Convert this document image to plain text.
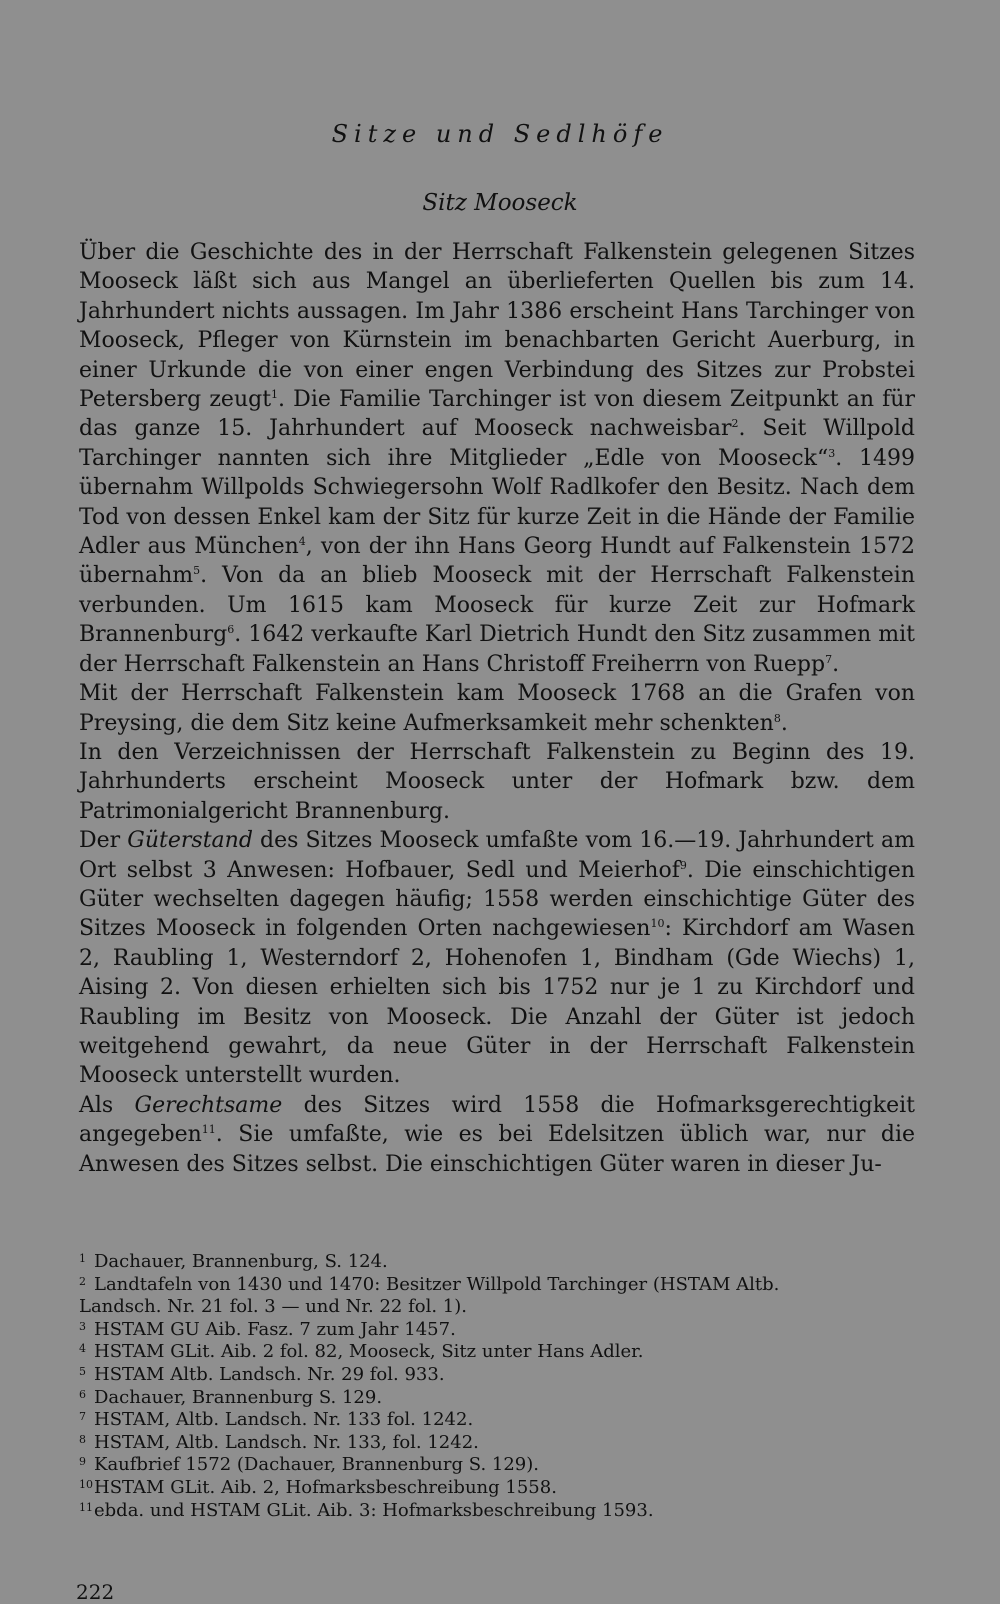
Sitze und Sedlhöfe
Sitz Mooseck

Über die Geschichte des in der Herrschaft Falkenstein gelegenen Sitzes Mooseck läßt sich aus Mangel an überlieferten Quellen bis zum 14. Jahrhundert nichts aussagen. Im Jahr 1386 erscheint Hans Tarchinger von Mooseck, Pfleger von Kürnstein im benachbarten Gericht Auerburg, in einer Urkunde die von einer engen Verbindung des Sitzes zur Probstei Petersberg zeugt$^1$. Die Familie Tarchinger ist von diesem Zeitpunkt an für das ganze 15. Jahrhundert auf Mooseck nachweisbar$^2$. Seit Willpold Tarchinger nannten sich ihre Mitglieder „Edle von Mooseck“$^3$. 1499 übernahm Willpolds Schwiegersohn Wolf Radlkofer den Besitz. Nach dem Tod von dessen Enkel kam der Sitz für kurze Zeit in die Hände der Familie Adler aus München$^4$, von der ihn Hans Georg Hundt auf Falkenstein 1572 übernahm$^5$. Von da an blieb Mooseck mit der Herrschaft Falkenstein verbunden. Um 1615 kam Mooseck für kurze Zeit zur Hofmark Brannenburg$^6$. 1642 verkaufte Karl Dietrich Hundt den Sitz zusammen mit der Herrschaft Falkenstein an Hans Christoff Freiherrn von Ruepp$^7$.

Mit der Herrschaft Falkenstein kam Mooseck 1768 an die Grafen von Preysing, die dem Sitz keine Aufmerksamkeit mehr schenkten$^8$.

In den Verzeichnissen der Herrschaft Falkenstein zu Beginn des 19. Jahrhunderts erscheint Mooseck unter der Hofmark bzw. dem Patrimonialgericht Brannenburg.

Der Güterstand des Sitzes Mooseck umfaßte vom 16.—19. Jahrhundert am Ort selbst 3 Anwesen: Hofbauer, Sedl und Meierhof$^9$. Die einschichtigen Güter wechselten dagegen häufig; 1558 werden einschichtige Güter des Sitzes Mooseck in folgenden Orten nachgewiesen$^{10}$: Kirchdorf am Wasen 2, Raubling 1, Westerndorf 2, Hohenofen 1, Bindham (Gde Wiechs) 1, Aising 2. Von diesen erhielten sich bis 1752 nur je 1 zu Kirchdorf und Raubling im Besitz von Mooseck. Die Anzahl der Güter ist jedoch weitgehend gewahrt, da neue Güter in der Herrschaft Falkenstein Mooseck unterstellt wurden.

Als Gerechtsame des Sitzes wird 1558 die Hofmarksgerechtigkeit angegeben$^{11}$. Sie umfaßte, wie es bei Edelsitzen üblich war, nur die Anwesen des Sitzes selbst. Die einschichtigen Güter waren in dieser Ju-

1 Dachauer, Brannenburg, S. 124.
2 Landtafeln von 1430 und 1470: Besitzer Willpold Tarchinger (HSTAM Altb.
Landsch. Nr. 21 fol. 3 — und Nr. 22 fol. 1).
3 HSTAM GU Aib. Fasz. 7 zum Jahr 1457.
4 HSTAM GLit. Aib. 2 fol. 82, Mooseck, Sitz unter Hans Adler.
5 HSTAM Altb. Landsch. Nr. 29 fol. 933.
6 Dachauer, Brannenburg S. 129.
7 HSTAM, Altb. Landsch. Nr. 133 fol. 1242.
8 HSTAM, Altb. Landsch. Nr. 133, fol. 1242.
9 Kaufbrief 1572 (Dachauer, Brannenburg S. 129).
10 HSTAM GLit. Aib. 2, Hofmarksbeschreibung 1558.
11 ebda. und HSTAM GLit. Aib. 3: Hofmarksbeschreibung 1593.
222
